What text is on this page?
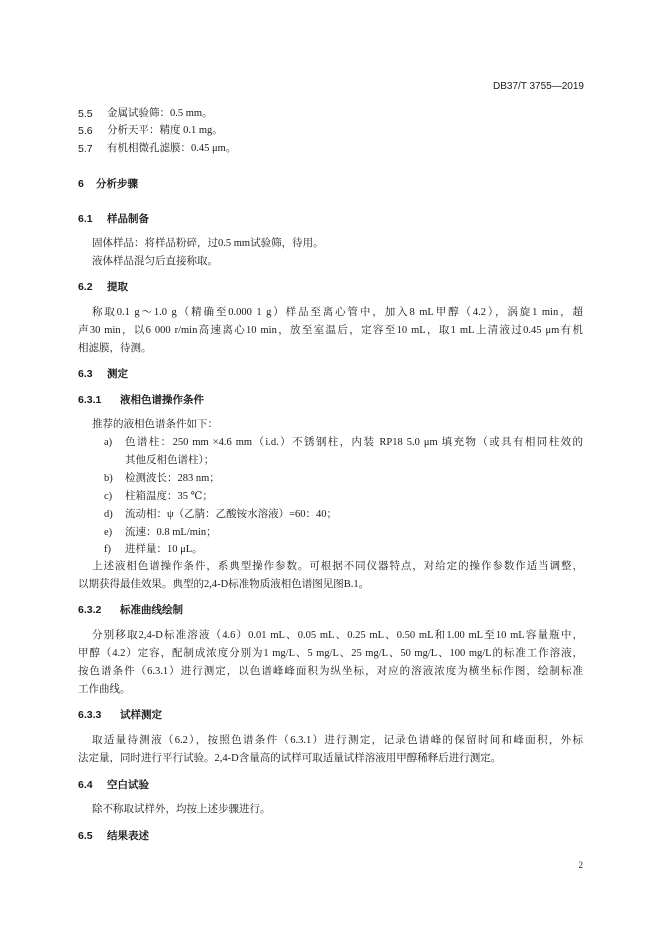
DB37/T 3755—2019
5.5 金属试验筛：0.5 mm。
5.6 分析天平：精度 0.1 mg。
5.7 有机相微孔滤膜：0.45 μm。
6 分析步骤
6.1 样品制备
固体样品：将样品粉碎，过0.5 mm试验筛，待用。
液体样品混匀后直接称取。
6.2 提取
称取0.1 g～1.0 g（精确至0.000 1 g）样品至离心管中，加入8 mL甲醇（4.2），涡旋1 min，超
声30 min，以6 000 r/min高速离心10 min，放至室温后，定容至10 mL，取1 mL上清液过0.45 μm有机
相滤膜，待测。
6.3 测定
6.3.1 液相色谱操作条件
推荐的液相色谱条件如下：
a) 色谱柱：250 mm ×4.6 mm（i.d.）不锈钢柱，内装 RP18 5.0 μm 填充物（或具有相同柱效的
其他反相色谱柱）；
b) 检测波长：283 nm；
c) 柱箱温度：35 ℃；
d) 流动相：ψ（乙腈：乙酸铵水溶液）=60：40；
e) 流速：0.8 mL/min；
f) 进样量：10 μL。
上述液相色谱操作条件，系典型操作参数。可根据不同仪器特点，对给定的操作参数作适当调整，
以期获得最佳效果。典型的2,4-D标准物质液相色谱图见图B.1。
6.3.2 标准曲线绘制
分别移取2,4-D标准溶液（4.6）0.01 mL、0.05 mL、0.25 mL、0.50 mL和1.00 mL至10 mL容量瓶中，
甲醇（4.2）定容，配制成浓度分别为1 mg/L、5 mg/L、25 mg/L、50 mg/L、100 mg/L的标准工作溶液，
按色谱条件（6.3.1）进行测定，以色谱峰峰面积为纵坐标，对应的溶液浓度为横坐标作图，绘制标准
工作曲线。
6.3.3 试样测定
取适量待测液（6.2），按照色谱条件（6.3.1）进行测定，记录色谱峰的保留时间和峰面积，外标
法定量，同时进行平行试验。2,4-D含量高的试样可取适量试样溶液用甲醇稀释后进行测定。
6.4 空白试验
除不称取试样外，均按上述步骤进行。
6.5 结果表述
2
